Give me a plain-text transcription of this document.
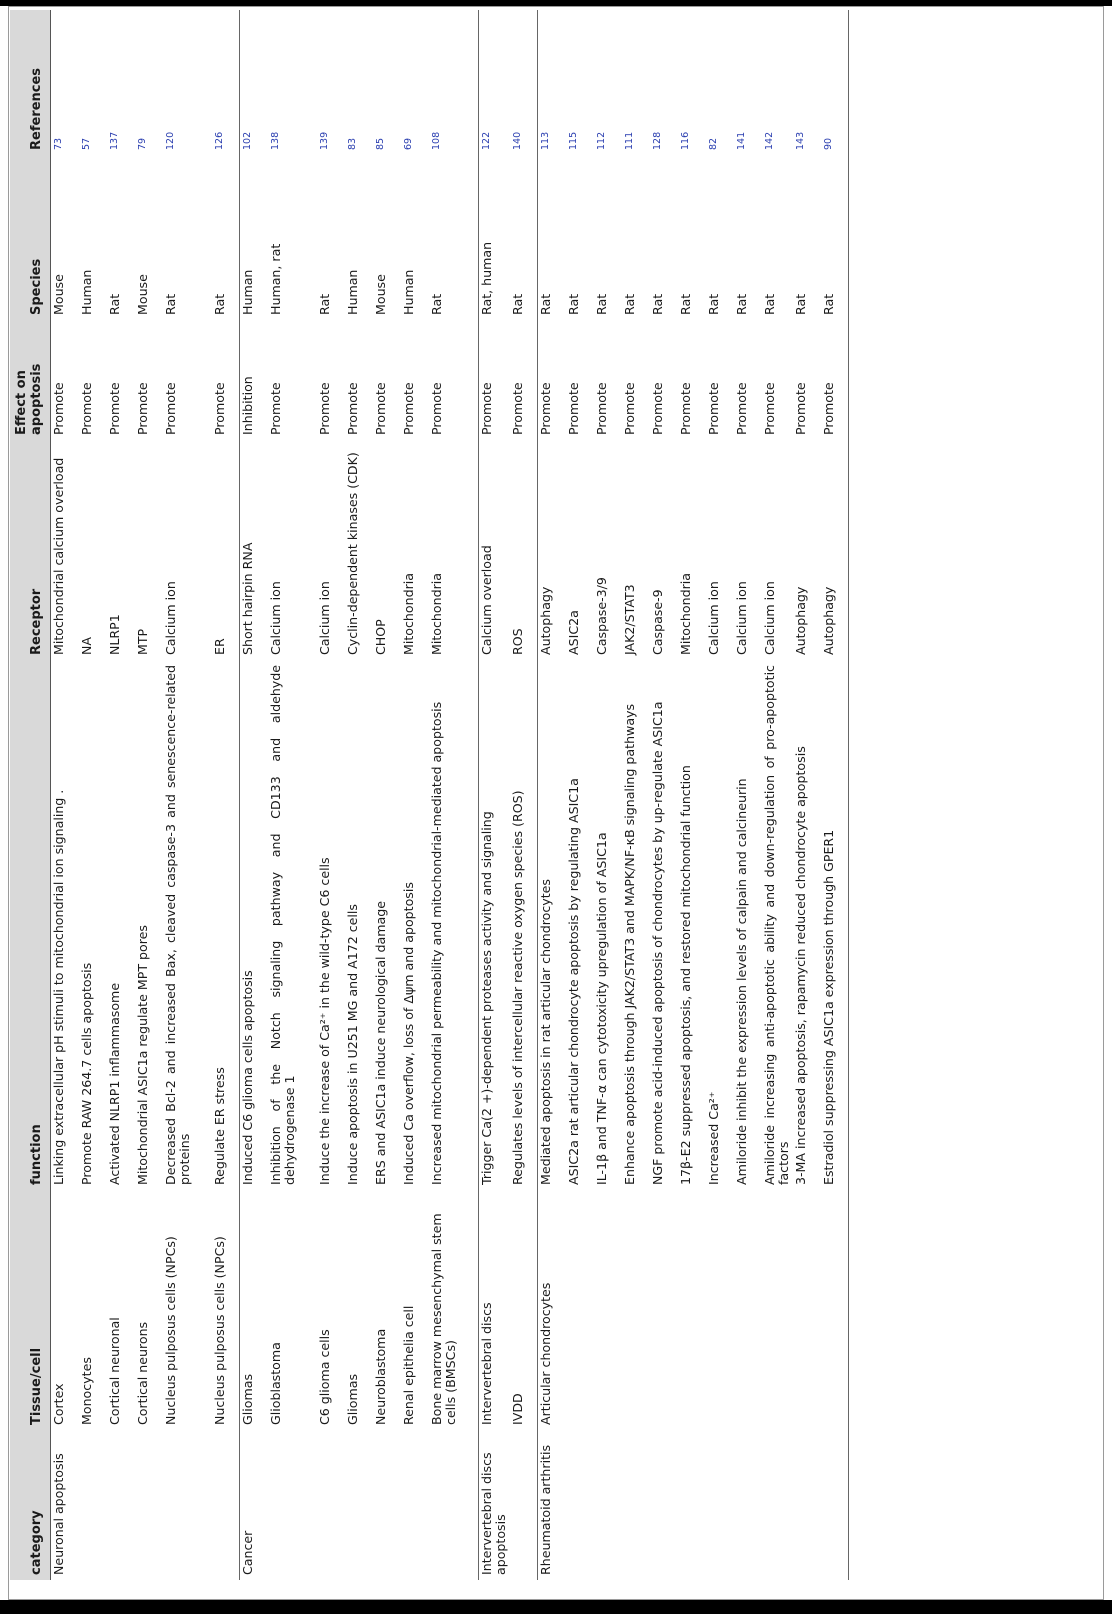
category	Tissue/cell	function	Receptor	Effect on apoptosis	Species	References
Neuronal apoptosis	Cortex	Linking extracellular pH stimuli to mitochondrial ion signaling .	Mitochondrial calcium overload	Promote	Mouse	73
	Monocytes	Promote RAW 264.7 cells apoptosis	NA	Promote	Human	57
	Cortical neuronal	Activated NLRP1 inflammasome	NLRP1	Promote	Rat	137
	Cortical neurons	Mitochondrial ASIC1a regulate MPT pores	MTP	Promote	Mouse	79
	Nucleus pulposus cells (NPCs)	Decreased Bcl-2 and increased Bax, cleaved caspase-3 and senescence-related proteins	Calcium ion	Promote	Rat	120
	Nucleus pulposus cells (NPCs)	Regulate ER stress	ER	Promote	Rat	126
Cancer	Gliomas	Induced C6 glioma cells apoptosis	Short hairpin RNA	Inhibition	Human	102
	Glioblastoma	Inhibition of the Notch signaling pathway and CD133 and aldehyde dehydrogenase 1	Calcium ion	Promote	Human, rat	138
	C6 glioma cells	Induce the increase of Ca²⁺ in the wild-type C6 cells	Calcium ion	Promote	Rat	139
	Gliomas	Induce apoptosis in U251 MG and A172 cells	Cyclin-dependent kinases (CDK)	Promote	Human	83
	Neuroblastoma	ERS and ASIC1a induce neurological damage	CHOP	Promote	Mouse	85
	Renal epithelia cell	Induced Ca overflow, loss of Δψm and apoptosis	Mitochondria	Promote	Human	69
	Bone marrow mesenchymal stem cells (BMSCs)	Increased mitochondrial permeability and mitochondrial-mediated apoptosis	Mitochondria	Promote	Rat	108
Intervertebral discs apoptosis	Intervertebral discs	Trigger Ca(2 +)-dependent proteases activity and signaling	Calcium overload	Promote	Rat, human	122
	IVDD	Regulates levels of intercellular reactive oxygen species (ROS)	ROS	Promote	Rat	140
Rheumatoid arthritis	Articular chondrocytes	Mediated apoptosis in rat articular chondrocytes	Autophagy	Promote	Rat	113
		ASIC2a rat articular chondrocyte apoptosis by regulating ASIC1a	ASIC2a	Promote	Rat	115
		IL-1β and TNF-α can cytotoxicity upregulation of ASIC1a	Caspase-3/9	Promote	Rat	112
		Enhance apoptosis through JAK2/STAT3 and MAPK/NF-κB signaling pathways	JAK2/STAT3	Promote	Rat	111
		NGF promote acid-induced apoptosis of chondrocytes by up-regulate ASIC1a	Caspase-9	Promote	Rat	128
		17β-E2 suppressed apoptosis, and restored mitochondrial function	Mitochondria	Promote	Rat	116
		Increased Ca²⁺	Calcium ion	Promote	Rat	82
		Amiloride inhibit the expression levels of calpain and calcineurin	Calcium ion	Promote	Rat	141
		Amiloride increasing anti-apoptotic ability and down-regulation of pro-apoptotic factors	Calcium ion	Promote	Rat	142
		3-MA increased apoptosis, rapamycin reduced chondrocyte apoptosis	Autophagy	Promote	Rat	143
		Estradiol suppressing ASIC1a expression through GPER1	Autophagy	Promote	Rat	90
